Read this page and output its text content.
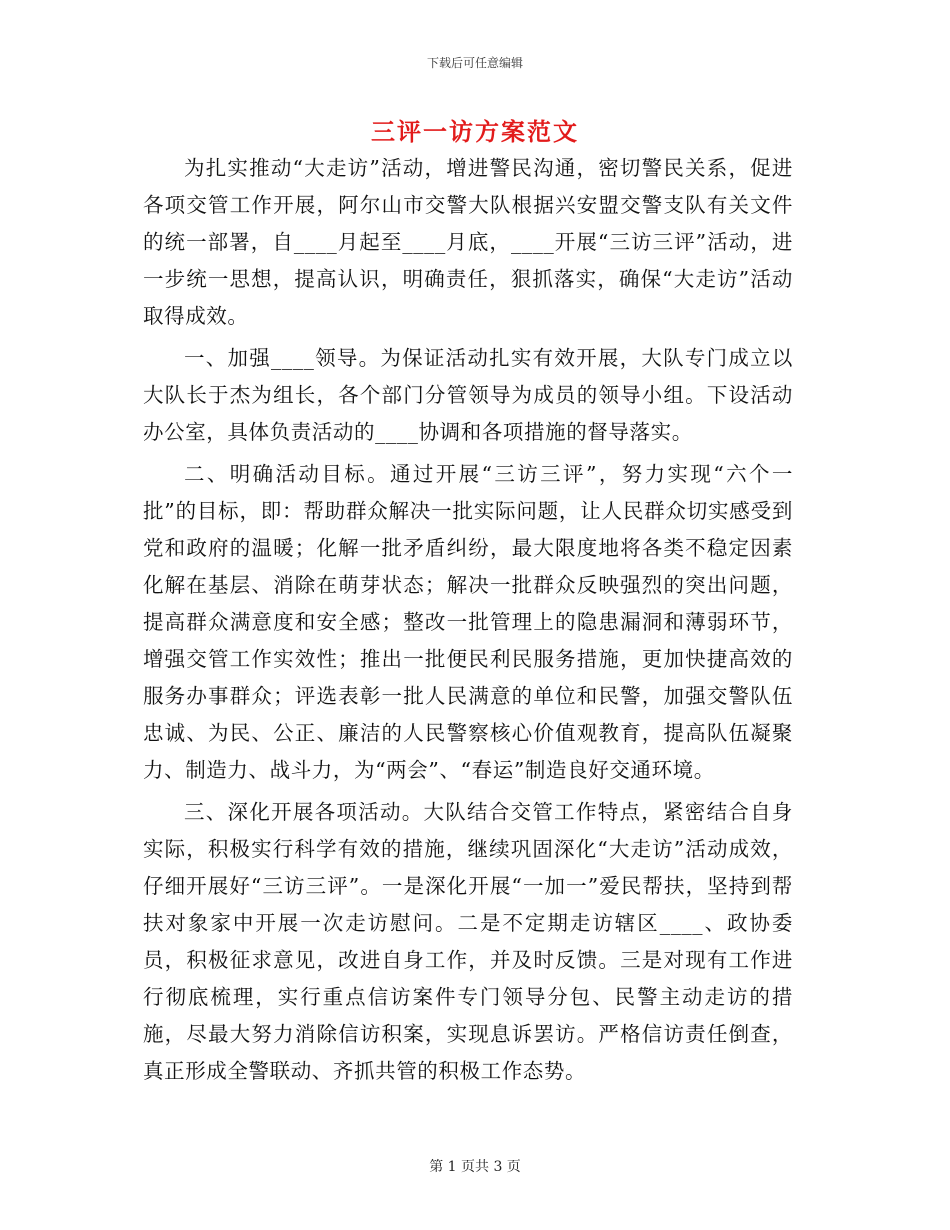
下载后可任意编辑
三评一访方案范文

为扎实推动“大走访”活动，增进警民沟通，密切警民关系，促进各项交管工作开展，阿尔山市交警大队根据兴安盟交警支队有关文件的统一部署，自____月起至____月底，____开展“三访三评”活动，进一步统一思想，提高认识，明确责任，狠抓落实，确保“大走访”活动取得成效。

一、加强____领导。为保证活动扎实有效开展，大队专门成立以大队长于杰为组长，各个部门分管领导为成员的领导小组。下设活动办公室，具体负责活动的____协调和各项措施的督导落实。

二、明确活动目标。通过开展“三访三评”，努力实现“六个一批”的目标，即：帮助群众解决一批实际问题，让人民群众切实感受到党和政府的温暖；化解一批矛盾纠纷，最大限度地将各类不稳定因素化解在基层、消除在萌芽状态；解决一批群众反映强烈的突出问题，提高群众满意度和安全感；整改一批管理上的隐患漏洞和薄弱环节，增强交管工作实效性；推出一批便民利民服务措施，更加快捷高效的服务办事群众；评选表彰一批人民满意的单位和民警，加强交警队伍忠诚、为民、公正、廉洁的人民警察核心价值观教育，提高队伍凝聚力、制造力、战斗力，为“两会”、“春运”制造良好交通环境。

三、深化开展各项活动。大队结合交管工作特点，紧密结合自身实际，积极实行科学有效的措施，继续巩固深化“大走访”活动成效，仔细开展好“三访三评”。一是深化开展“一加一”爱民帮扶，坚持到帮扶对象家中开展一次走访慰问。二是不定期走访辖区____、政协委员，积极征求意见，改进自身工作，并及时反馈。三是对现有工作进行彻底梳理，实行重点信访案件专门领导分包、民警主动走访的措施，尽最大努力消除信访积案，实现息诉罢访。严格信访责任倒查，真正形成全警联动、齐抓共管的积极工作态势。

第 1 页共 3 页
